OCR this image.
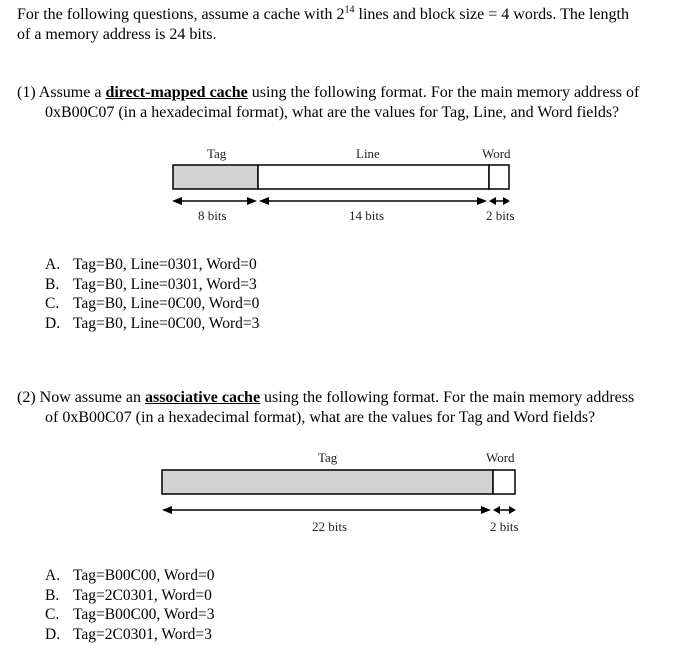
For the following questions, assume a cache with $2^{14}$ lines and block size = 4 words. The length
of a memory address is 24 bits.
(1) Assume a direct-mapped cache using the following format. For the main memory address of
0xB00C07 (in a hexadecimal format), what are the values for Tag, Line, and Word fields?
Tag	Line	Word
8 bits	14 bits	2 bits
A. Tag=B0, Line=0301, Word=0
B. Tag=B0, Line=0301, Word=3
C. Tag=B0, Line=0C00, Word=0
D. Tag=B0, Line=0C00, Word=3
(2) Now assume an associative cache using the following format. For the main memory address
of 0xB00C07 (in a hexadecimal format), what are the values for Tag and Word fields?
Tag	Word
22 bits	2 bits
A. Tag=B00C00, Word=0
B. Tag=2C0301, Word=0
C. Tag=B00C00, Word=3
D. Tag=2C0301, Word=3
